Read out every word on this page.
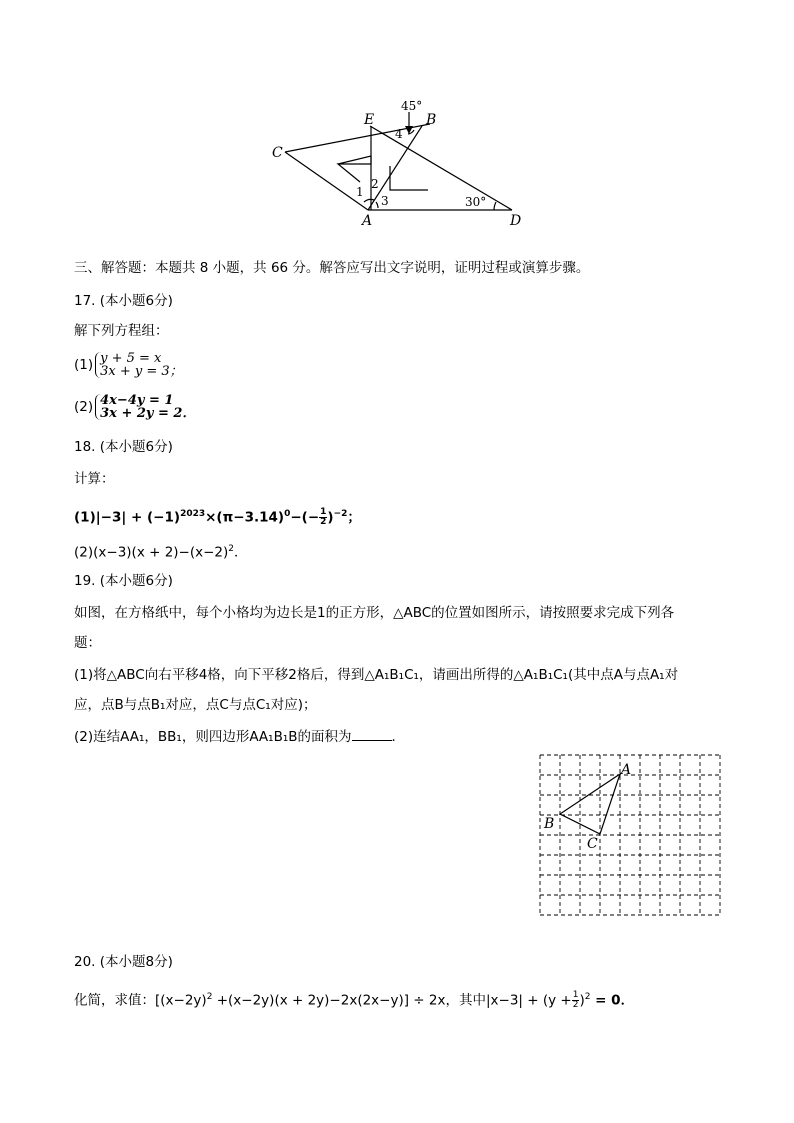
C
E	B
A	D
1
2
3
4
45°
30°
三、解答题：本题共 8 小题，共 66 分。解答应写出文字说明，证明过程或演算步骤。
17. (本小题6分)
解下列方程组：
(1) y + 5 = x
3x + y = 3；
(2) 4x−4y = 1
3x + 2y = 2．
18. (本小题6分)
计算：
$(1)|-3| + (-1)^{2023}\times(\pi-3.14)^0-(- \frac{1}{2} )^{-2}$；
$(2)(x-3)(x + 2)-(x-2)^2$．
19. (本小题6分)
如图，在方格纸中，每个小格均为边长是1的正方形，△ABC的位置如图所示，请按照要求完成下列各
题：
(1)将△ABC向右平移4格，向下平移2格后，得到△A₁B₁C₁，请画出所得的△A₁B₁C₁(其中点A与点A₁对
应，点B与点B₁对应，点C与点C₁对应)；
(2)连结AA₁，BB₁，则四边形AA₁B₁B的面积为	．
A
B
C
20. (本小题8分)
化简，求值：$[(x-2y)^2 +(x-2y)(x + 2y)-2x(2x-y)] \div 2x$，其中$|x-3| + (y + \frac{1}{2} )^2 = 0$．
